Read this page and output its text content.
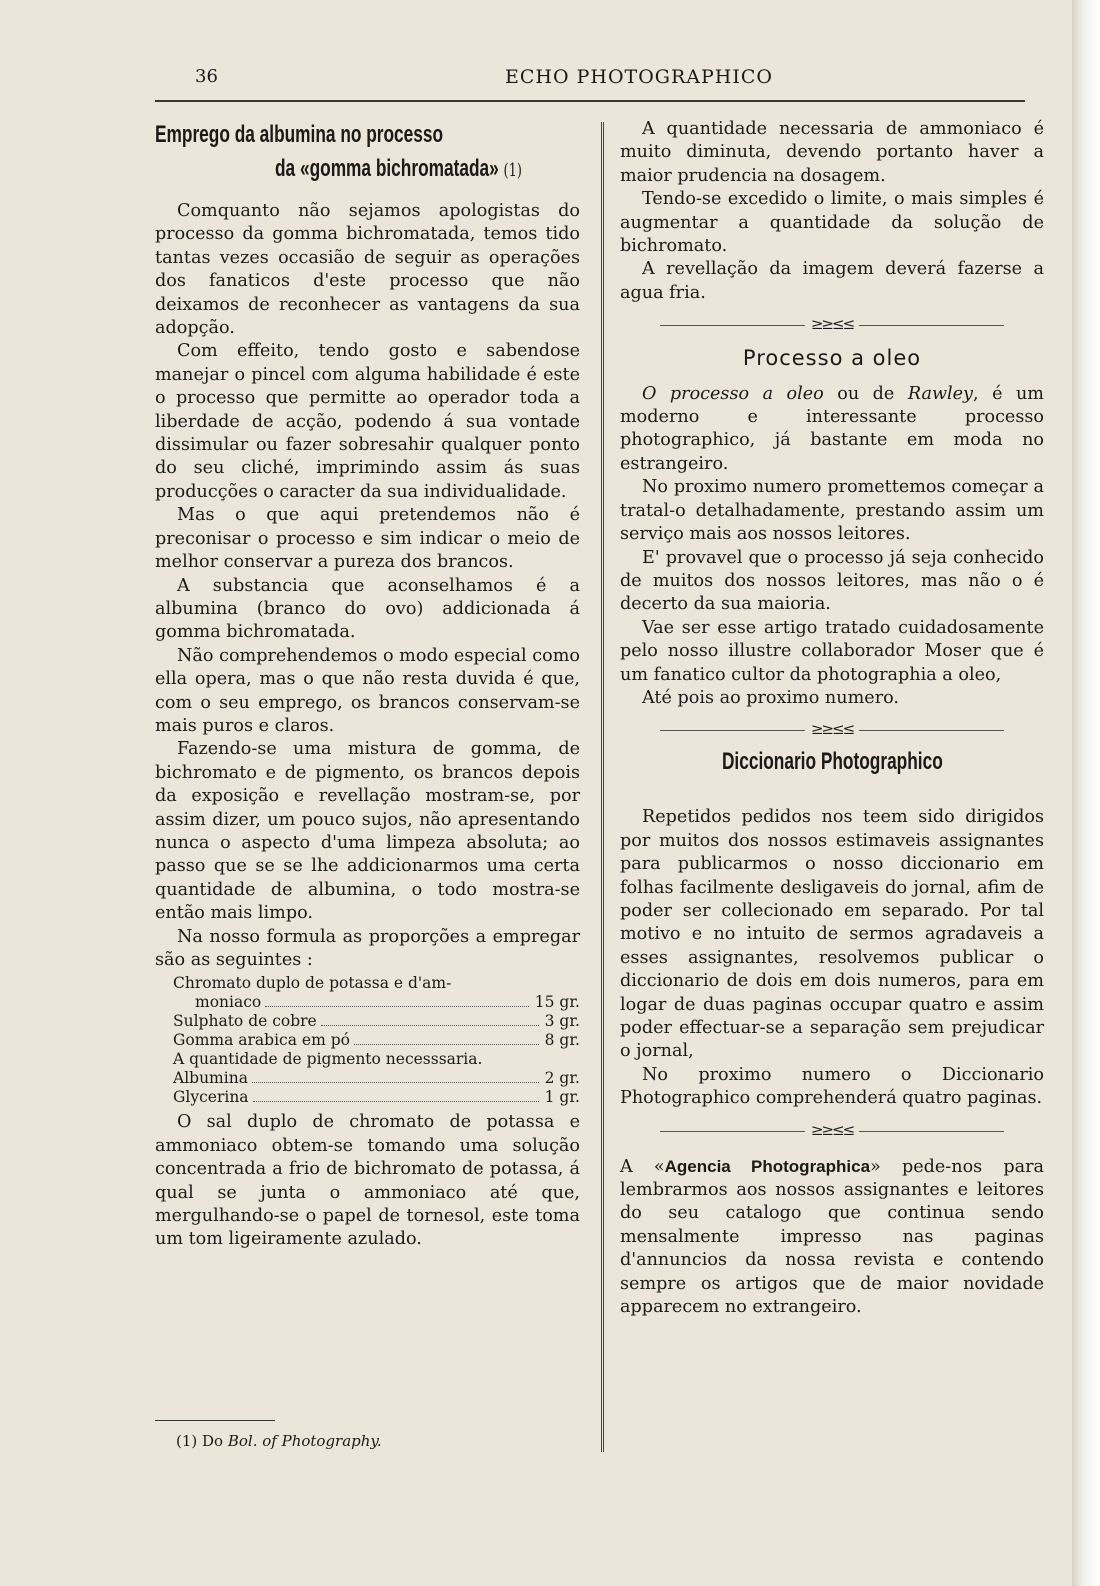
36	ECHO PHOTOGRAPHICO
Emprego da albumina no processo
da «gomma bichromatada» (1)

Comquanto não sejamos apologistas do processo da gomma bichromatada, temos tido tantas vezes occasião de seguir as operações dos fanaticos d'este processo que não deixamos de reconhecer as vantagens da sua adopção.

Com effeito, tendo gosto e sabendose manejar o pincel com alguma habilidade é este o processo que permitte ao operador toda a liberdade de acção, podendo á sua vontade dissimular ou fazer sobresahir qualquer ponto do seu cliché, imprimindo assim ás suas producções o caracter da sua individualidade.

Mas o que aqui pretendemos não é preconisar o processo e sim indicar o meio de melhor conservar a pureza dos brancos.

A substancia que aconselhamos é a albumina (branco do ovo) addicionada á gomma bichromatada.

Não comprehendemos o modo especial como ella opera, mas o que não resta duvida é que, com o seu emprego, os brancos conservam-se mais puros e claros.

Fazendo-se uma mistura de gomma, de bichromato e de pigmento, os brancos depois da exposição e revellação mostram-se, por assim dizer, um pouco sujos, não apresentando nunca o aspecto d'uma limpeza absoluta; ao passo que se se lhe addicionarmos uma certa quantidade de albumina, o todo mostra-se então mais limpo.

Na nosso formula as proporções a empregar são as seguintes :

Chromato duplo de potassa e d'am-
moniaco	15 gr.
Sulphato de cobre	3 gr.
Gomma arabica em pó	8 gr.
A quantidade de pigmento necesssaria.
Albumina	2 gr.
Glycerina	1 gr.

O sal duplo de chromato de potassa e ammoniaco obtem-se tomando uma solução concentrada a frio de bichromato de potassa, á qual se junta o ammoniaco até que, mergulhando-se o papel de tornesol, este toma um tom ligeiramente azulado.

(1) Do Bol. of Photography.

A quantidade necessaria de ammoniaco é muito diminuta, devendo portanto haver a maior prudencia na dosagem.

Tendo-se excedido o limite, o mais simples é augmentar a quantidade da solução de bichromato.

A revellação da imagem deverá fazerse a agua fria.

≥≥≤≤
Processo a oleo

O processo a oleo ou de Rawley, é um moderno e interessante processo photographico, já bastante em moda no estrangeiro.

No proximo numero promettemos começar a tratal-o detalhadamente, prestando assim um serviço mais aos nossos leitores.

E' provavel que o processo já seja conhecido de muitos dos nossos leitores, mas não o é decerto da sua maioria.

Vae ser esse artigo tratado cuidadosamente pelo nosso illustre collaborador Moser que é um fanatico cultor da photographia a oleo,

Até pois ao proximo numero.

≥≥≤≤
Diccionario Photographico

Repetidos pedidos nos teem sido dirigidos por muitos dos nossos estimaveis assignantes para publicarmos o nosso diccionario em folhas facilmente desligaveis do jornal, afim de poder ser collecionado em separado. Por tal motivo e no intuito de sermos agradaveis a esses assignantes, resolvemos publicar o diccionario de dois em dois numeros, para em logar de duas paginas occupar quatro e assim poder effectuar-se a separação sem prejudicar o jornal,

No proximo numero o Diccionario Photographico comprehenderá quatro paginas.

≥≥≤≤

A «Agencia Photographica» pede-nos para lembrarmos aos nossos assignantes e leitores do seu catalogo que continua sendo mensalmente impresso nas paginas d'annuncios da nossa revista e contendo sempre os artigos que de maior novidade apparecem no extrangeiro.
